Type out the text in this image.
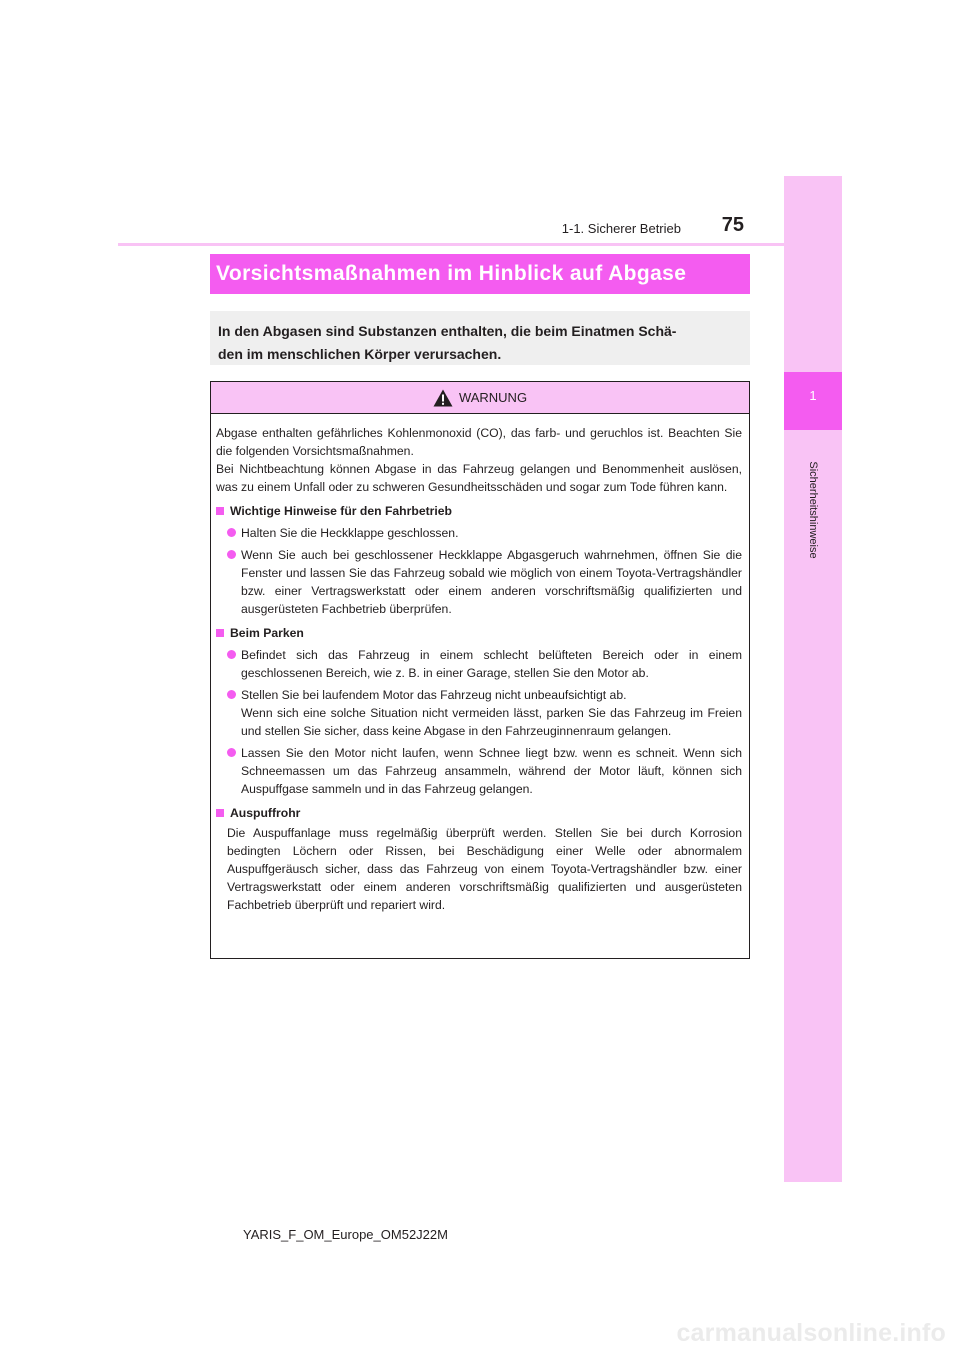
1
Sicherheitshinweise
1-1. Sicherer Betrieb	75
Vorsichtsmaßnahmen im Hinblick auf Abgase
In den Abgasen sind Substanzen enthalten, die beim Einatmen Schä-
den im menschlichen Körper verursachen.
WARNUNG
Abgase enthalten gefährliches Kohlenmonoxid (CO), das farb- und geruchlos ist. Beachten Sie die folgenden Vorsichtsmaßnahmen.
Bei Nichtbeachtung können Abgase in das Fahrzeug gelangen und Benommenheit auslösen, was zu einem Unfall oder zu schweren Gesundheitsschäden und sogar zum Tode führen kann.
Wichtige Hinweise für den Fahrbetrieb
Halten Sie die Heckklappe geschlossen.
Wenn Sie auch bei geschlossener Heckklappe Abgasgeruch wahrnehmen, öffnen Sie die Fenster und lassen Sie das Fahrzeug sobald wie möglich von einem Toyota-Vertragshändler bzw. einer Vertragswerkstatt oder einem anderen vorschriftsmäßig qualifizierten und ausgerüsteten Fachbetrieb überprüfen.
Beim Parken
Befindet sich das Fahrzeug in einem schlecht belüfteten Bereich oder in einem geschlossenen Bereich, wie z. B. in einer Garage, stellen Sie den Motor ab.
Stellen Sie bei laufendem Motor das Fahrzeug nicht unbeaufsichtigt ab.
Wenn sich eine solche Situation nicht vermeiden lässt, parken Sie das Fahrzeug im Freien und stellen Sie sicher, dass keine Abgase in den Fahrzeuginnenraum gelangen.
Lassen Sie den Motor nicht laufen, wenn Schnee liegt bzw. wenn es schneit. Wenn sich Schneemassen um das Fahrzeug ansammeln, während der Motor läuft, können sich Auspuffgase sammeln und in das Fahrzeug gelangen.
Auspuffrohr
Die Auspuffanlage muss regelmäßig überprüft werden. Stellen Sie bei durch Korrosion bedingten Löchern oder Rissen, bei Beschädigung einer Welle oder abnormalem Auspuffgeräusch sicher, dass das Fahrzeug von einem Toyota-Vertragshändler bzw. einer Vertragswerkstatt oder einem anderen vorschriftsmäßig qualifizierten und ausgerüsteten Fachbetrieb überprüft und repariert wird.
YARIS_F_OM_Europe_OM52J22M
carmanualsonline.info
